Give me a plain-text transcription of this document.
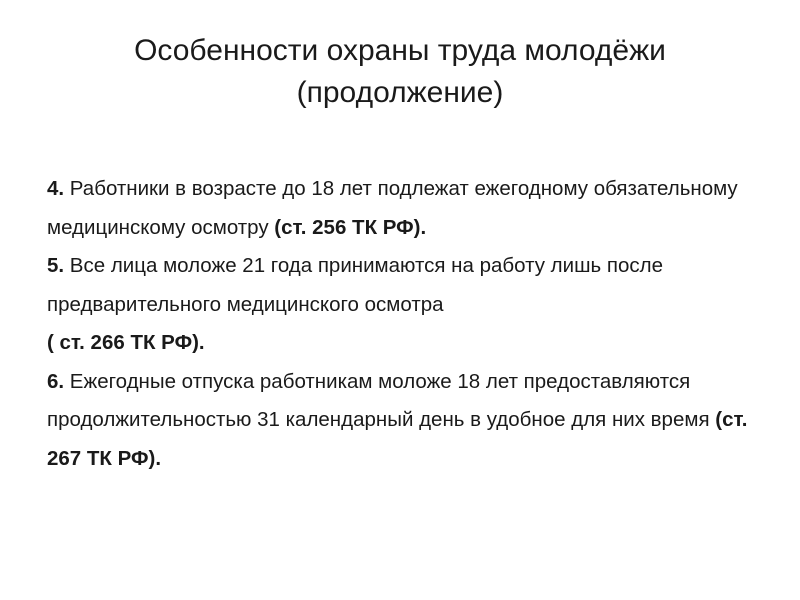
Особенности охраны труда молодёжи
(продолжение)

4. Работники в возрасте до 18 лет подлежат ежегодному обязательному медицинскому осмотру (ст. 256 ТК РФ).

5. Все лица моложе 21 года принимаются на работу лишь после предварительного медицинского осмотра
( ст. 266 ТК РФ).

6. Ежегодные отпуска работникам моложе 18 лет предоставляются продолжительностью 31 календарный день в удобное для них время (ст. 267 ТК РФ).
